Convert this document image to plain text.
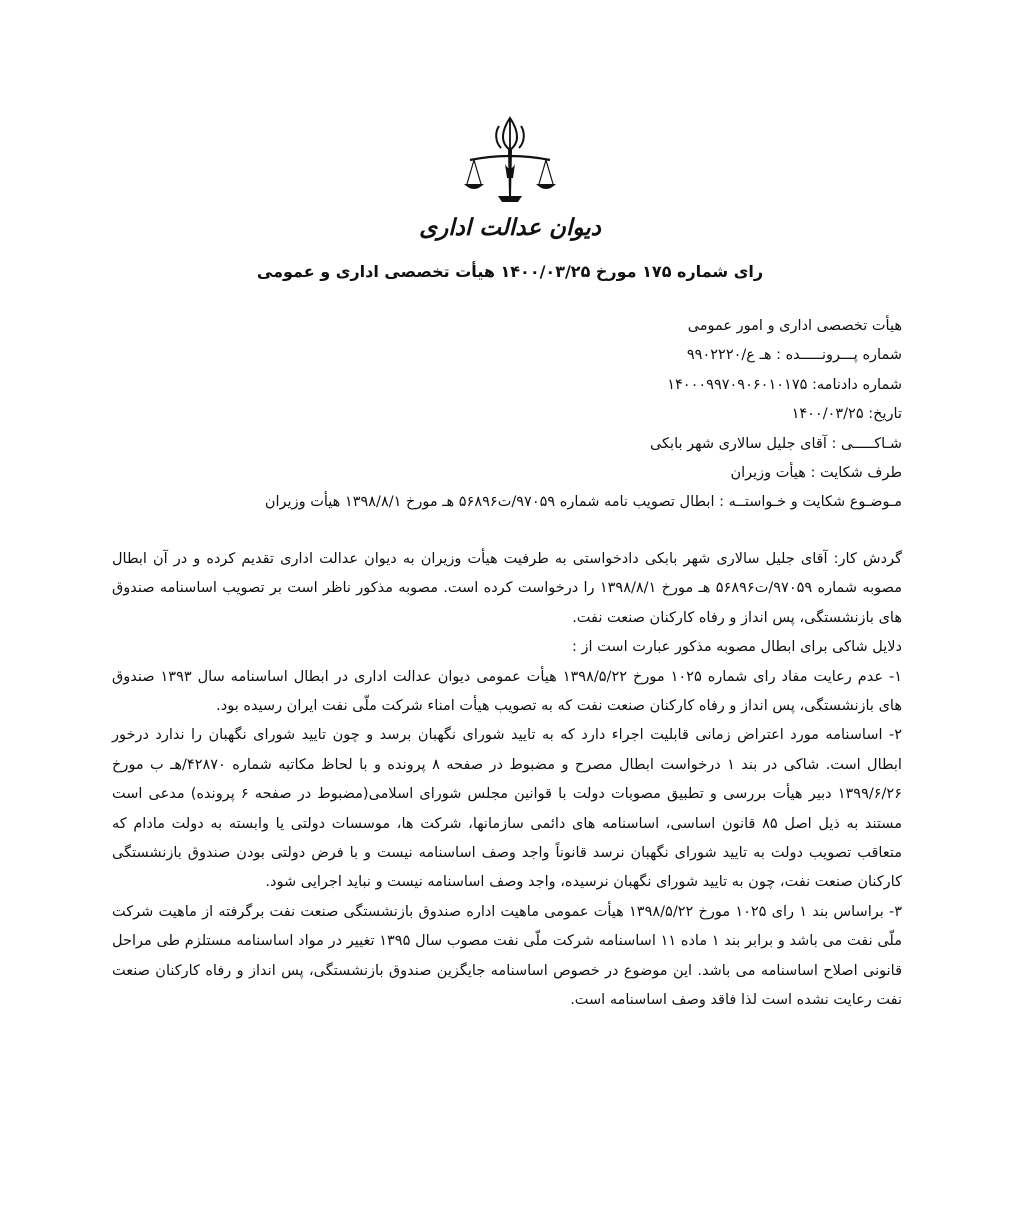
دیوان عدالت اداری
رای شماره ۱۷۵ مورخ ۱۴۰۰/۰۳/۲۵ هیأت تخصصی اداری و عمومی
هیأت تخصصی اداری و امور عمومی
شماره پـــرونـــــده : هـ ع/۹۹۰۲۲۲۰
شماره دادنامه: ۱۴۰۰۰۹۹۷۰۹۰۶۰۱۰۱۷۵
تاریخ: ۱۴۰۰/۰۳/۲۵
شـاکـــــی : آقای جلیل سالاری شهر بابکی
طرف شکایت : هیأت وزیران
مـوضـوع شکایت و خـواستــه : ابطال تصویب نامه شماره ۹۷۰۵۹/ت۵۶۸۹۶ هـ مورخ ۱۳۹۸/۸/۱ هیأت وزیران

گردش کار: آقای جلیل سالاری شهر بابکی دادخواستی به طرفیت هیأت وزیران به دیوان عدالت اداری تقدیم کرده و در آن ابطال مصوبه شماره ۹۷۰۵۹/ت۵۶۸۹۶ هـ مورخ ۱۳۹۸/۸/۱ را درخواست کرده است. مصوبه مذکور ناظر است بر تصویب اساسنامه صندوق های بازنشستگی، پس انداز و رفاه کارکنان صنعت نفت.

دلایل شاکی برای ابطال مصوبه مذکور عبارت است از :

۱- عدم رعایت مفاد رای شماره ۱۰۲۵ مورخ ۱۳۹۸/۵/۲۲ هیأت عمومی دیوان عدالت اداری در ابطال اساسنامه سال ۱۳۹۳ صندوق های بازنشستگی، پس انداز و رفاه کارکنان صنعت نفت که به تصویب هیأت امناء شرکت ملّی نفت ایران رسیده بود.

۲- اساسنامه مورد اعتراض زمانی قابلیت اجراء دارد که به تایید شورای نگهبان برسد و چون تایید شورای نگهبان را ندارد درخور ابطال است. شاکی در بند ۱ درخواست ابطال مصرح و مضبوط در صفحه ۸ پرونده و با لحاظ مکاتبه شماره ۴۲۸۷۰/هـ ب مورخ ۱۳۹۹/۶/۲۶ دبیر هیأت بررسی و تطبیق مصوبات دولت با قوانین مجلس شورای اسلامی(مضبوط در صفحه ۶ پرونده) مدعی است مستند به ذیل اصل ۸۵ قانون اساسی، اساسنامه های دائمی سازمانها، شرکت ها، موسسات دولتی یا وابسته به دولت مادام که متعاقب تصویب دولت به تایید شورای نگهبان نرسد قانوناً واجد وصف اساسنامه نیست و با فرض دولتی بودن صندوق بازنشستگی کارکنان صنعت نفت، چون به تایید شورای نگهبان نرسیده، واجد وصف اساسنامه نیست و نباید اجرایی شود.

۳- براساس بند ۱ رای ۱۰۲۵ مورخ ۱۳۹۸/۵/۲۲ هیأت عمومی ماهیت اداره صندوق بازنشستگی صنعت نفت برگرفته از ماهیت شرکت ملّی نفت می باشد و برابر بند ۱ ماده ۱۱ اساسنامه شرکت ملّی نفت مصوب سال ۱۳۹۵ تغییر در مواد اساسنامه مستلزم طی مراحل قانونی اصلاح اساسنامه می باشد. این موضوع در خصوص اساسنامه جایگزین صندوق بازنشستگی، پس انداز و رفاه کارکنان صنعت نفت رعایت نشده است لذا فاقد وصف اساسنامه است.
